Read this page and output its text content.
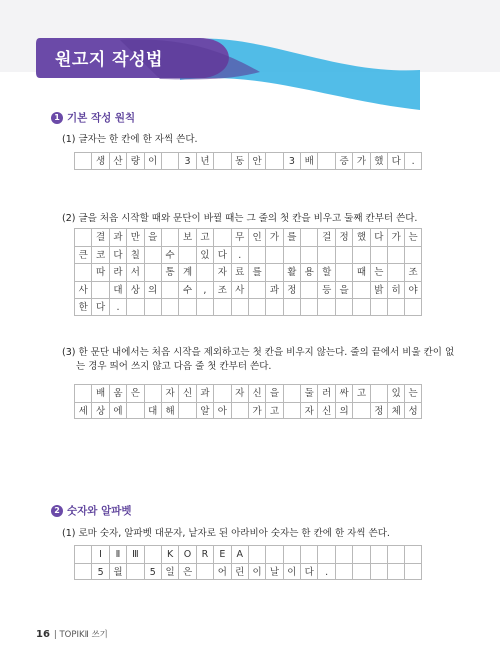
원고지 작성법
1 기본 작성 원칙
(1) 글자는 한 칸에 한 자씩 쓴다.
생 산 량 이	3	년	동 안	3	배	증 가 했 다	.
(2) 글을 처음 시작할 때와 문단이 바뀔 때는 그 줄의 첫 칸을 비우고 둘째 칸부터 쓴다.
결 과 만 을	보 고	무 인 가 를	걸 정 했 다 가 는
큰 코 다 칠	수	있 다	.
따 라 서	통 계	자 료 를	활 용 할	때 는	조
사	대 상 의	수	,	조 사	과 정	등 을	밝 히 야
한 다	.
(3) 한 문단 내에서는 처음 시작을 제외하고는 첫 칸을 비우지 않는다. 줄의 끝에서 비울 칸이 없
는 경우 띄어 쓰지 않고 다음 줄 첫 칸부터 쓴다.
배 움 은	자 신 과	자 신 을	둘 러 싸 고	있 는
세 상 에	대 해	알 아	가 고	자 신 의	정 체 성
2 숫자와 알파벳
(1) 로마 숫자, 알파벳 대문자, 낱자로 된 아라비아 숫자는 한 칸에 한 자씩 쓴다.
Ⅰ	Ⅱ	Ⅲ	K	O	R	E	A
5	월	5	일 은	어 린 이 날 이 다	.
16 | TOPIKⅡ 쓰기
